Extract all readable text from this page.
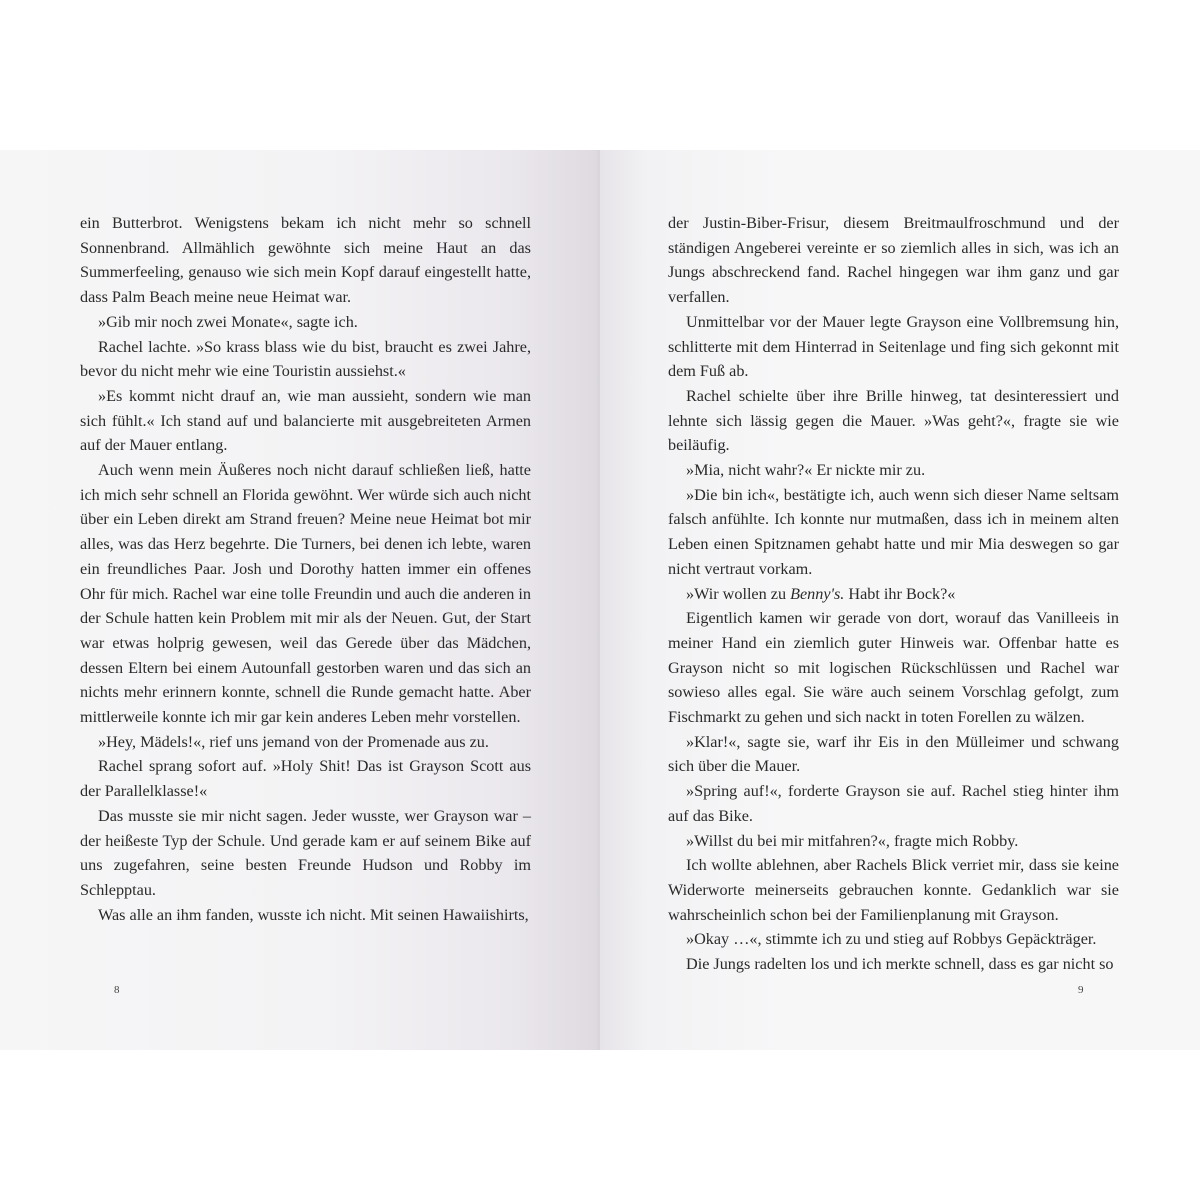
ein Butterbrot. Wenigstens bekam ich nicht mehr so schnell Sonnenbrand. Allmählich gewöhnte sich meine Haut an das Summerfeeling, genauso wie sich mein Kopf darauf eingestellt hatte, dass Palm Beach meine neue Heimat war.

»Gib mir noch zwei Monate«, sagte ich.

Rachel lachte. »So krass blass wie du bist, braucht es zwei Jahre, bevor du nicht mehr wie eine Touristin aussiehst.«

»Es kommt nicht drauf an, wie man aussieht, sondern wie man sich fühlt.« Ich stand auf und balancierte mit ausgebreiteten Armen auf der Mauer entlang.

Auch wenn mein Äußeres noch nicht darauf schließen ließ, hatte ich mich sehr schnell an Florida gewöhnt. Wer würde sich auch nicht über ein Leben direkt am Strand freuen? Meine neue Heimat bot mir alles, was das Herz begehrte. Die Turners, bei denen ich lebte, waren ein freundliches Paar. Josh und Dorothy hatten immer ein offenes Ohr für mich. Rachel war eine tolle Freundin und auch die anderen in der Schule hatten kein Problem mit mir als der Neuen. Gut, der Start war etwas holprig gewesen, weil das Gerede über das Mädchen, dessen Eltern bei einem Autounfall gestorben waren und das sich an nichts mehr erinnern konnte, schnell die Runde gemacht hatte. Aber mittlerweile konnte ich mir gar kein anderes Leben mehr vorstellen.

»Hey, Mädels!«, rief uns jemand von der Promenade aus zu.

Rachel sprang sofort auf. »Holy Shit! Das ist Grayson Scott aus der Parallelklasse!«

Das musste sie mir nicht sagen. Jeder wusste, wer Grayson war – der heißeste Typ der Schule. Und gerade kam er auf seinem Bike auf uns zugefahren, seine besten Freunde Hudson und Robby im Schlepptau.

Was alle an ihm fanden, wusste ich nicht. Mit seinen Hawaiishirts,

8

der Justin-Biber-Frisur, diesem Breitmaulfroschmund und der ständigen Angeberei vereinte er so ziemlich alles in sich, was ich an Jungs abschreckend fand. Rachel hingegen war ihm ganz und gar verfallen.

Unmittelbar vor der Mauer legte Grayson eine Vollbremsung hin, schlitterte mit dem Hinterrad in Seitenlage und fing sich gekonnt mit dem Fuß ab.

Rachel schielte über ihre Brille hinweg, tat desinteressiert und lehnte sich lässig gegen die Mauer. »Was geht?«, fragte sie wie beiläufig.

»Mia, nicht wahr?« Er nickte mir zu.

»Die bin ich«, bestätigte ich, auch wenn sich dieser Name seltsam falsch anfühlte. Ich konnte nur mutmaßen, dass ich in meinem alten Leben einen Spitznamen gehabt hatte und mir Mia deswegen so gar nicht vertraut vorkam.

»Wir wollen zu Benny's. Habt ihr Bock?«

Eigentlich kamen wir gerade von dort, worauf das Vanilleeis in meiner Hand ein ziemlich guter Hinweis war. Offenbar hatte es Grayson nicht so mit logischen Rückschlüssen und Rachel war sowieso alles egal. Sie wäre auch seinem Vorschlag gefolgt, zum Fischmarkt zu gehen und sich nackt in toten Forellen zu wälzen.

»Klar!«, sagte sie, warf ihr Eis in den Mülleimer und schwang sich über die Mauer.

»Spring auf!«, forderte Grayson sie auf. Rachel stieg hinter ihm auf das Bike.

»Willst du bei mir mitfahren?«, fragte mich Robby.

Ich wollte ablehnen, aber Rachels Blick verriet mir, dass sie keine Widerworte meinerseits gebrauchen konnte. Gedanklich war sie wahrscheinlich schon bei der Familienplanung mit Grayson.

»Okay …«, stimmte ich zu und stieg auf Robbys Gepäckträger.

Die Jungs radelten los und ich merkte schnell, dass es gar nicht so

9
